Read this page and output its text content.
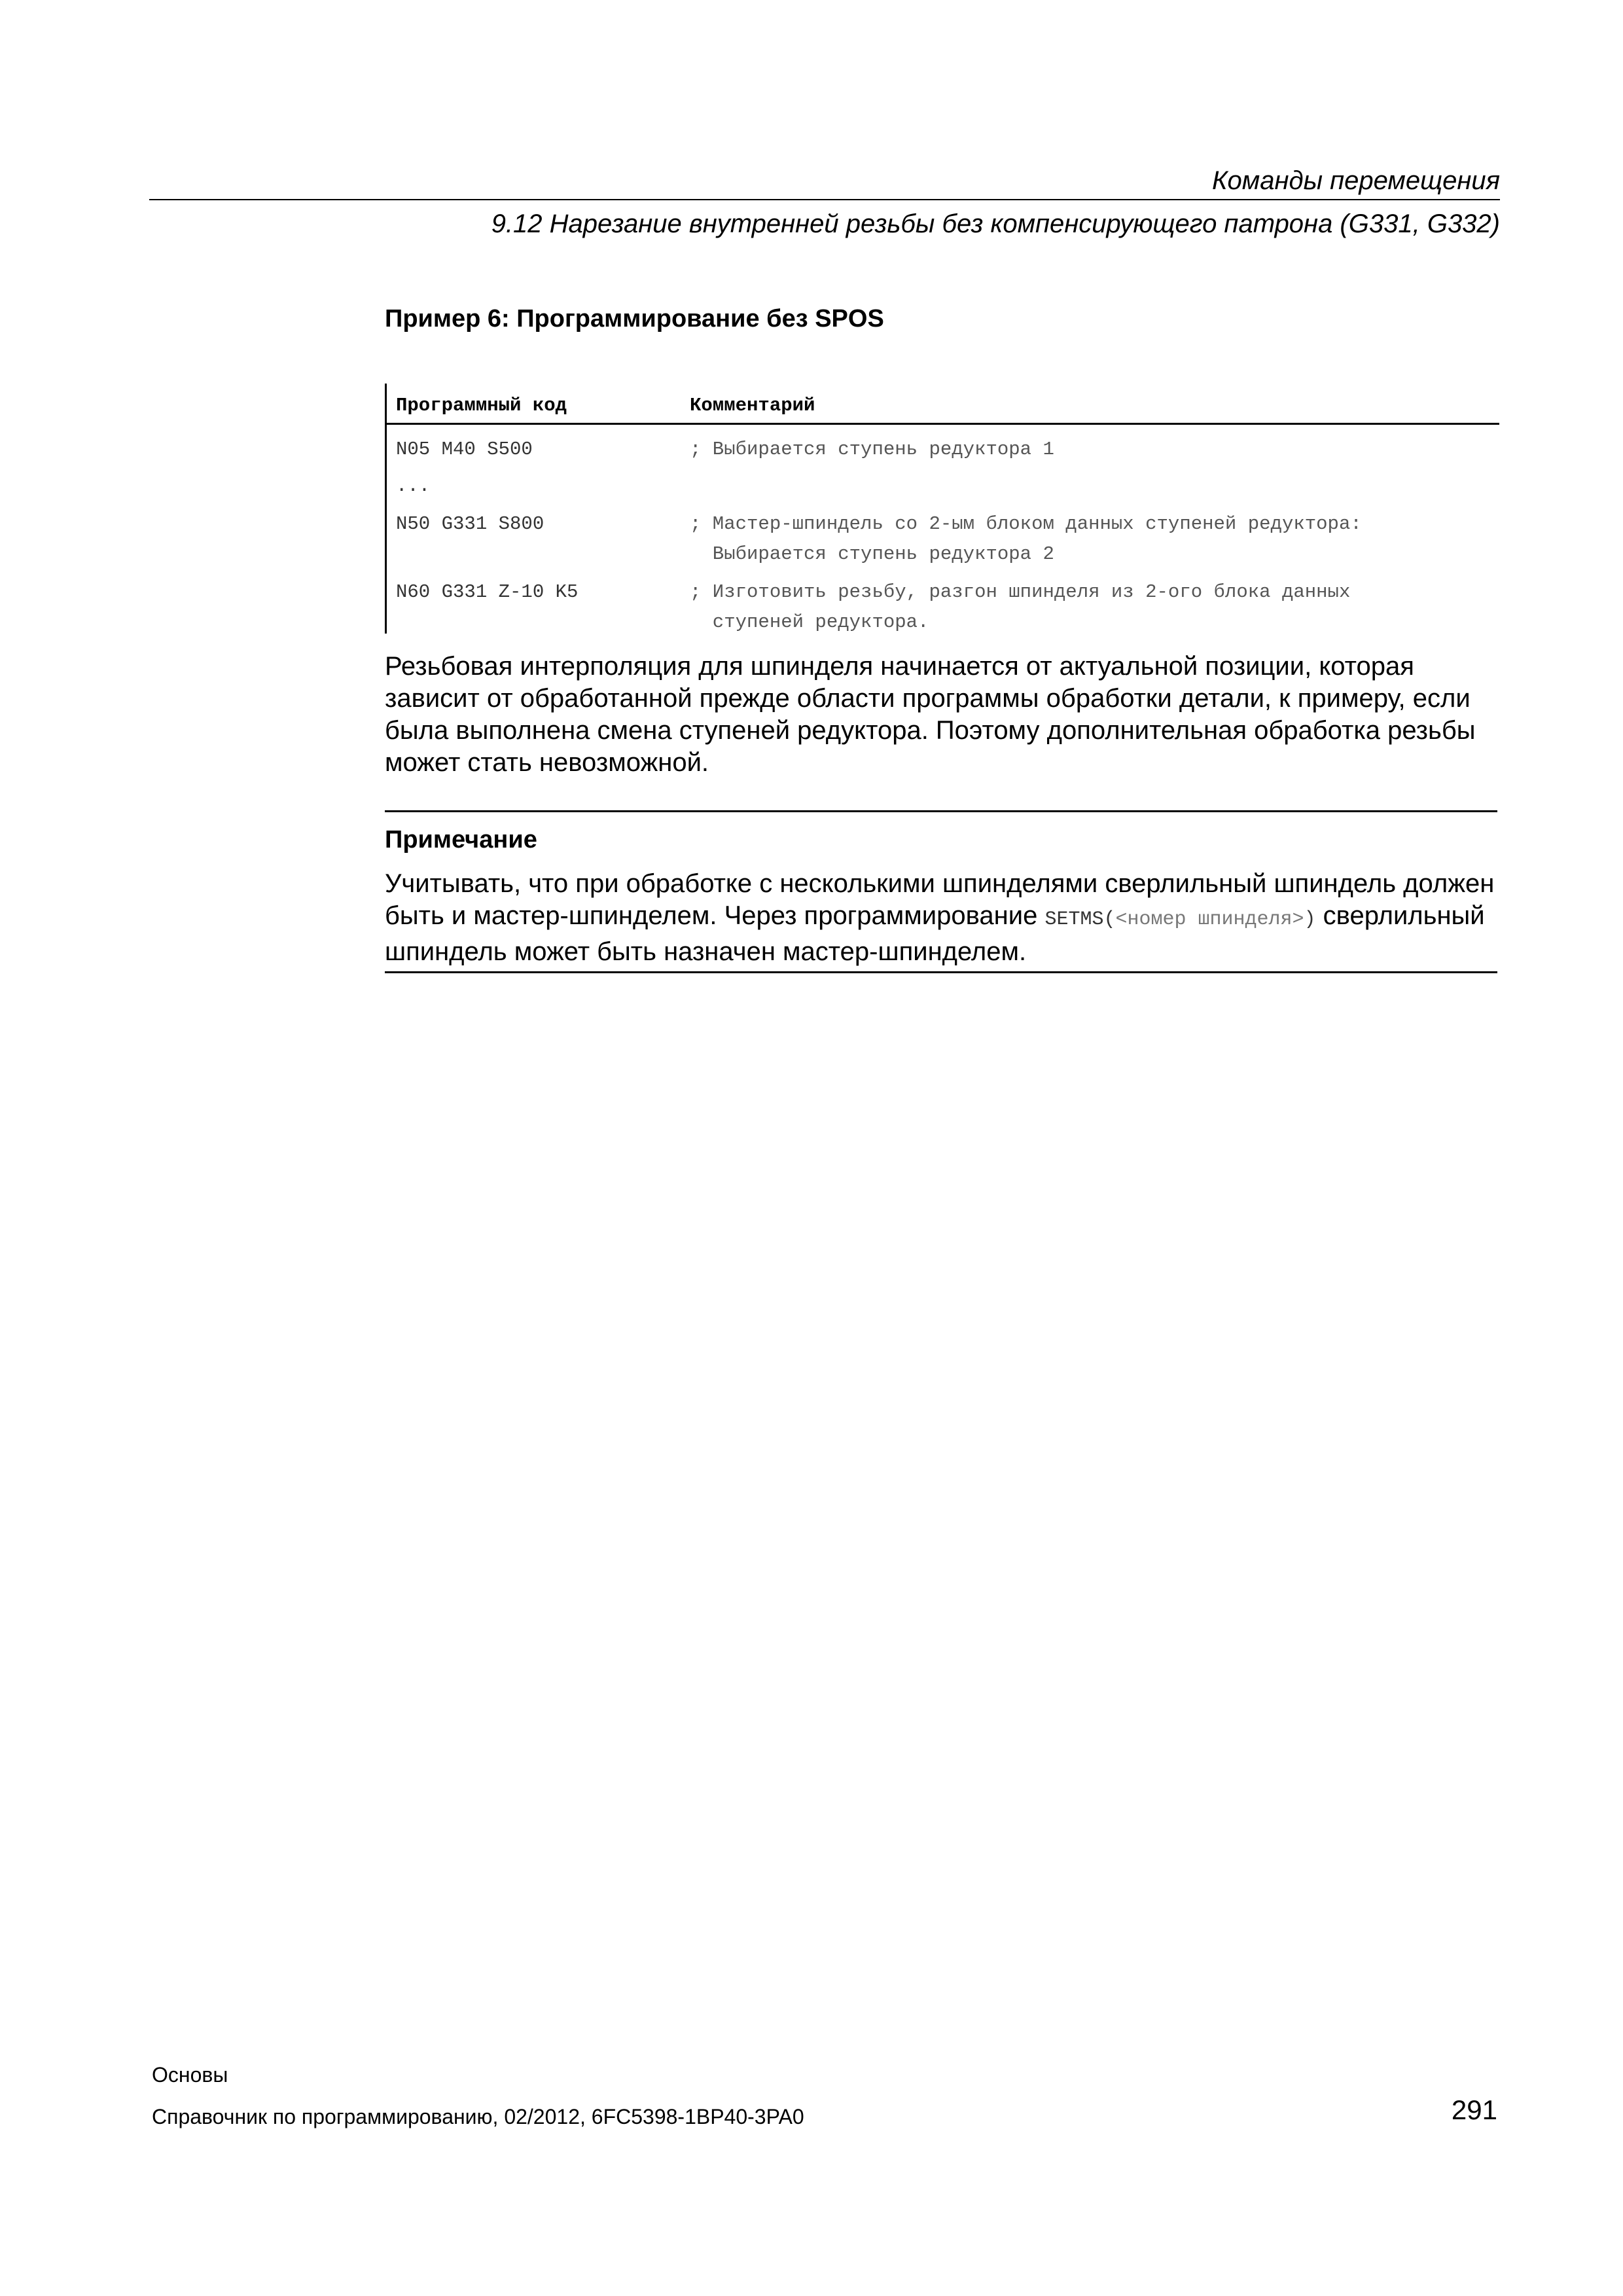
Команды перемещения
9.12 Нарезание внутренней резьбы без компенсирующего патрона (G331, G332)
Пример 6: Программирование без SPOS
Программный код	Комментарий
N05 M40 S500	; Выбирается ступень редуктора 1
...
N50 G331 S800	; Мастер-шпиндель со 2-ым блоком данных ступеней редуктора:
Выбирается ступень редуктора 2
N60 G331 Z-10 K5	; Изготовить резьбу, разгон шпинделя из 2-ого блока данных
ступеней редуктора.
Резьбовая интерполяция для шпинделя начинается от актуальной позиции, которая зависит от обработанной прежде области программы обработки детали, к примеру, если была выполнена смена ступеней редуктора. Поэтому дополнительная обработка резьбы может стать невозможной.
Примечание
Учитывать, что при обработке с несколькими шпинделями сверлильный шпиндель должен быть и мастер-шпинделем. Через программирование SETMS(<номер шпинделя>) сверлильный шпиндель может быть назначен мастер-шпинделем.
Основы
Справочник по программированию, 02/2012, 6FC5398-1BP40-3PA0	291
